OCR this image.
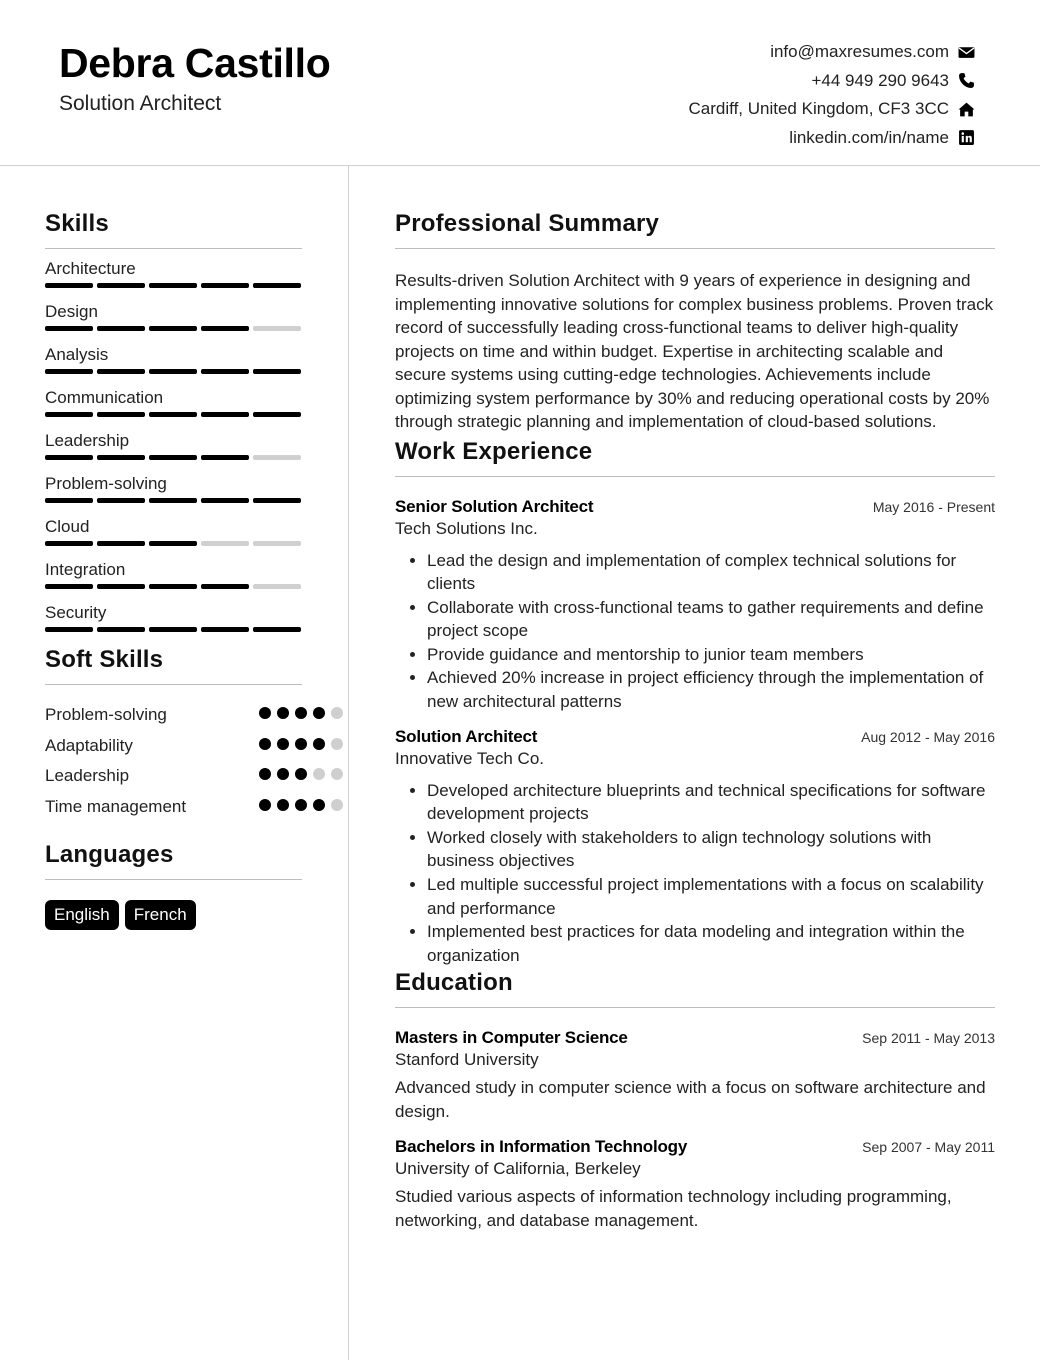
Debra Castillo
Solution Architect
info@maxresumes.com
+44 949 290 9643
Cardiff, United Kingdom, CF3 3CC
linkedin.com/in/name
Skills
Architecture
Design
Analysis
Communication
Leadership
Problem-solving
Cloud
Integration
Security
Soft Skills
Problem-solving
Adaptability
Leadership
Time management
Languages
English	French
Professional Summary
Results-driven Solution Architect with 9 years of experience in designing and implementing innovative solutions for complex business problems. Proven track record of successfully leading cross-functional teams to deliver high-quality projects on time and within budget. Expertise in architecting scalable and secure systems using cutting-edge technologies. Achievements include optimizing system performance by 30% and reducing operational costs by 20% through strategic planning and implementation of cloud-based solutions.
Work Experience
Senior Solution Architect	May 2016 - Present
Tech Solutions Inc.
• Lead the design and implementation of complex technical solutions for clients
• Collaborate with cross-functional teams to gather requirements and define project scope
• Provide guidance and mentorship to junior team members
• Achieved 20% increase in project efficiency through the implementation of new architectural patterns
Solution Architect	Aug 2012 - May 2016
Innovative Tech Co.
• Developed architecture blueprints and technical specifications for software development projects
• Worked closely with stakeholders to align technology solutions with business objectives
• Led multiple successful project implementations with a focus on scalability and performance
• Implemented best practices for data modeling and integration within the organization
Education
Masters in Computer Science	Sep 2011 - May 2013
Stanford University
Advanced study in computer science with a focus on software architecture and design.
Bachelors in Information Technology	Sep 2007 - May 2011
University of California, Berkeley
Studied various aspects of information technology including programming, networking, and database management.
